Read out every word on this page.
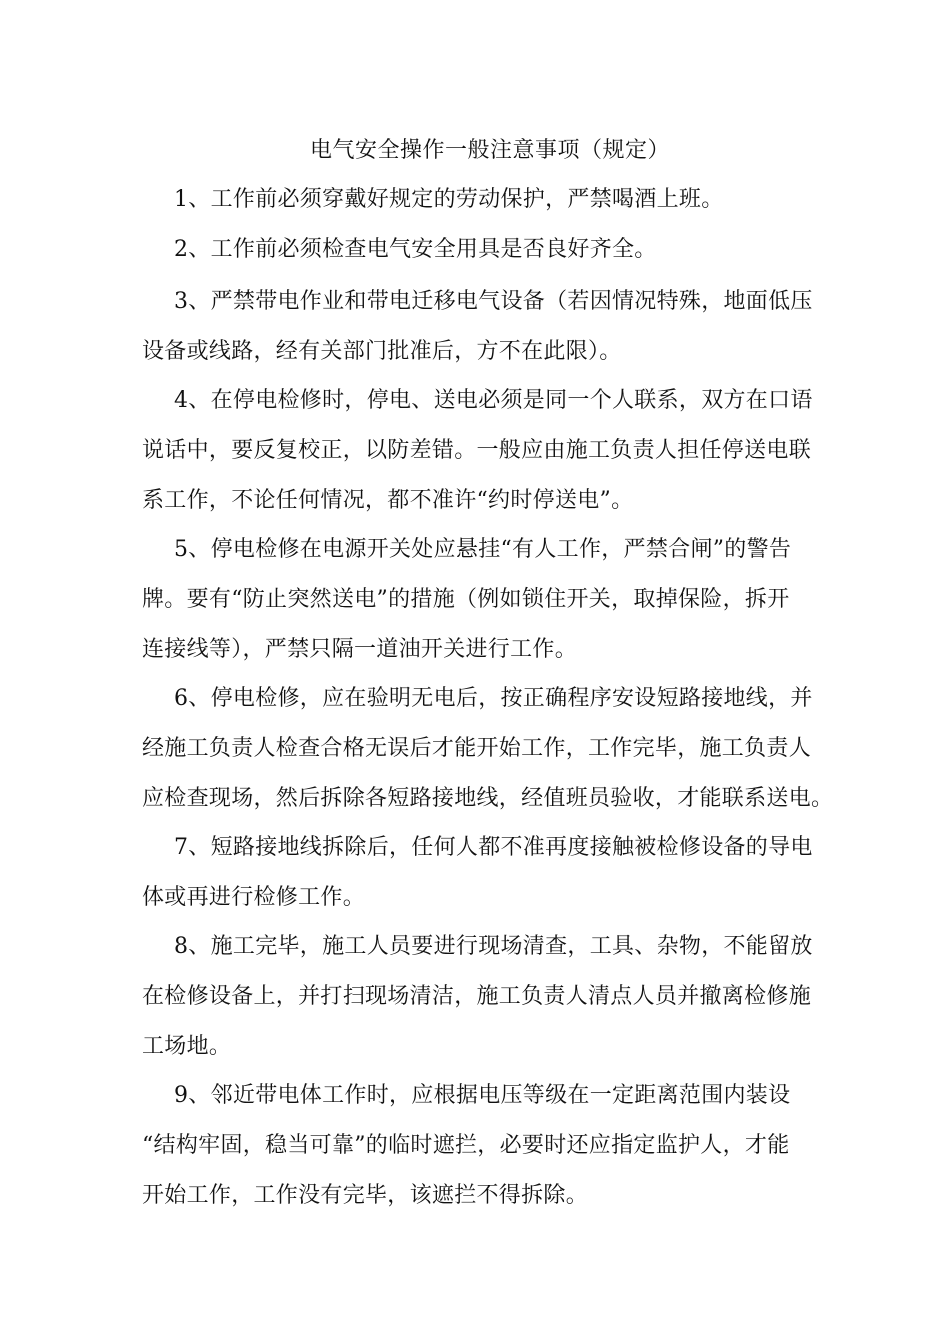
电气安全操作一般注意事项（规定）
1、工作前必须穿戴好规定的劳动保护，严禁喝酒上班。
2、工作前必须检查电气安全用具是否良好齐全。
3、严禁带电作业和带电迁移电气设备（若因情况特殊，地面低压
设备或线路，经有关部门批准后，方不在此限）。
4、在停电检修时，停电、送电必须是同一个人联系，双方在口语
说话中，要反复校正，以防差错。一般应由施工负责人担任停送电联
系工作，不论任何情况，都不准许“约时停送电”。
5、停电检修在电源开关处应悬挂“有人工作，严禁合闸”的警告
牌。要有“防止突然送电”的措施（例如锁住开关，取掉保险，拆开
连接线等），严禁只隔一道油开关进行工作。
6、停电检修，应在验明无电后，按正确程序安设短路接地线，并
经施工负责人检查合格无误后才能开始工作，工作完毕，施工负责人
应检查现场，然后拆除各短路接地线，经值班员验收，才能联系送电。
7、短路接地线拆除后，任何人都不准再度接触被检修设备的导电
体或再进行检修工作。
8、施工完毕，施工人员要进行现场清查，工具、杂物，不能留放
在检修设备上，并打扫现场清洁，施工负责人清点人员并撤离检修施
工场地。
9、邻近带电体工作时，应根据电压等级在一定距离范围内装设
“结构牢固，稳当可靠”的临时遮拦，必要时还应指定监护人，才能
开始工作，工作没有完毕，该遮拦不得拆除。
